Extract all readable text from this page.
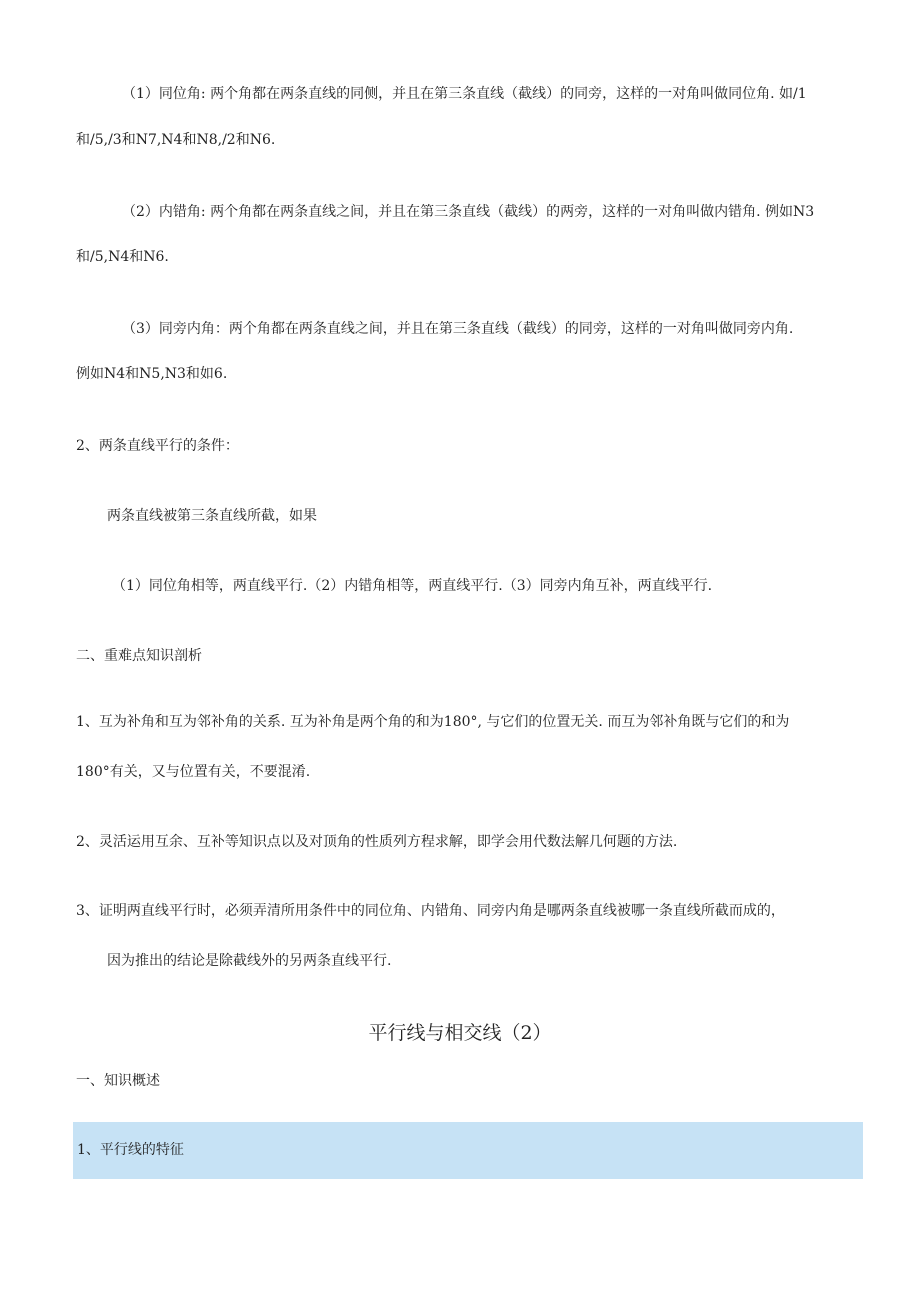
（1）同位角: 两个角都在两条直线的同侧，并且在第三条直线（截线）的同旁，这样的一对角叫做同位角. 如/1
和/5,/3和N7,N4和N8,/2和N6.
（2）内错角: 两个角都在两条直线之间，并且在第三条直线（截线）的两旁，这样的一对角叫做内错角. 例如N3
和/5,N4和N6.
（3）同旁内角：两个角都在两条直线之间，并且在第三条直线（截线）的同旁，这样的一对角叫做同旁内角.
例如N4和N5,N3和如6.
2、两条直线平行的条件：
两条直线被第三条直线所截，如果
（1）同位角相等，两直线平行.（2）内错角相等，两直线平行.（3）同旁内角互补，两直线平行.
二、重难点知识剖析
1、互为补角和互为邻补角的关系. 互为补角是两个角的和为180°, 与它们的位置无关. 而互为邻补角既与它们的和为
180°有关，又与位置有关，不要混淆.
2、灵活运用互余、互补等知识点以及对顶角的性质列方程求解，即学会用代数法解几何题的方法.
3、证明两直线平行时，必须弄清所用条件中的同位角、内错角、同旁内角是哪两条直线被哪一条直线所截而成的，
因为推出的结论是除截线外的另两条直线平行.
平行线与相交线（2）
一、知识概述
1、平行线的特征
